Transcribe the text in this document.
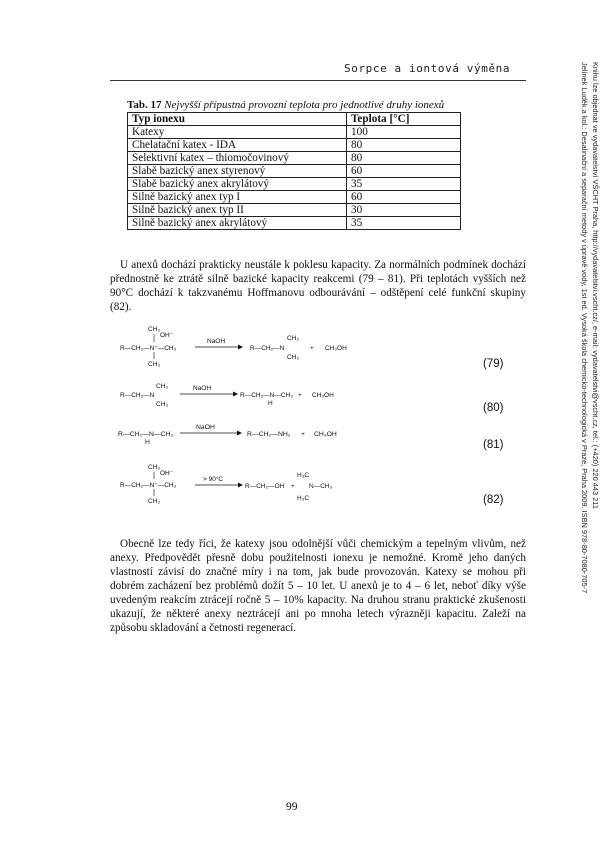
Sorpce a iontová výměna
Tab. 17 Nejvyšší přípustná provozní teplota pro jednotlivé druhy ionexů
Typ ionexu	Teplota [°C]
Katexy	100
Chelatační katex - IDA	80
Selektivní katex – thiomočovinový	80
Slabě bazický anex styrenový	60
Slabě bazický anex akrylátový	35
Silně bazický anex typ I	60
Silně bazický anex typ II	30
Silně bazický anex akrylátový	35
U anexů dochází prakticky neustále k poklesu kapacity. Za normálních podmínek dochází přednostně ke ztrátě silně bazické kapacity reakcemi (79 – 81). Při teplotách vyšších než 90°C dochází k takzvanému Hoffmanovu odbourávání – odštěpení celé funkční skupiny (82).
CH₃
OH⁻
R—CH₂—N⁺—CH₃
CH₃
NaOH
R—CH₂—N
CH₃
CH₃
+ CH₃OH
(79)
R—CH₂—N
CH₃
CH₃
NaOH
R—CH₂—N—CH₃
H
+ CH₃OH
(80)
R—CH₂—N—CH₃
H
NaOH
R—CH₂—NH₂ + CH₃OH
(81)
CH₃
OH⁻
R—CH₂—N⁺—CH₃
CH₃
> 90°C
R—CH₂—OH +
H₃C
N—CH₃
H₃C	(82)
Obecně lze tedy říci, že katexy jsou odolnější vůči chemickým a tepelným vlivům, než anexy. Předpovědět přesně dobu použitelnosti ionexu je nemožné. Kromě jeho daných vlastností závisí do značné míry i na tom, jak bude provozován. Katexy se mohou při dobrém zacházení bez problémů dožít 5 – 10 let. U anexů je to 4 – 6 let, neboť díky výše uvedeným reakcím ztrácejí ročně 5 – 10% kapacity. Na druhou stranu praktické zkušenosti ukazují, že některé anexy neztrácejí ani po mnoha letech výrazněji kapacitu. Zaleží na způsobu skladování a četnosti regenerací.
99
Jelínek Luděk a kol.: Desalinační a separační metody v úpravě vody, 1st ed. Vysoká škola chemicko-technologická v Praze, Praha 2009. ISBN 978-80-7080-705-7 Knihu lze objednat ve vydavatelství VŠCHT Praha, http://vydavatelstvi.vscht.cz/, e-mail: vydavatelstvi@vscht.cz, tel.: (+420) 220 443 211
